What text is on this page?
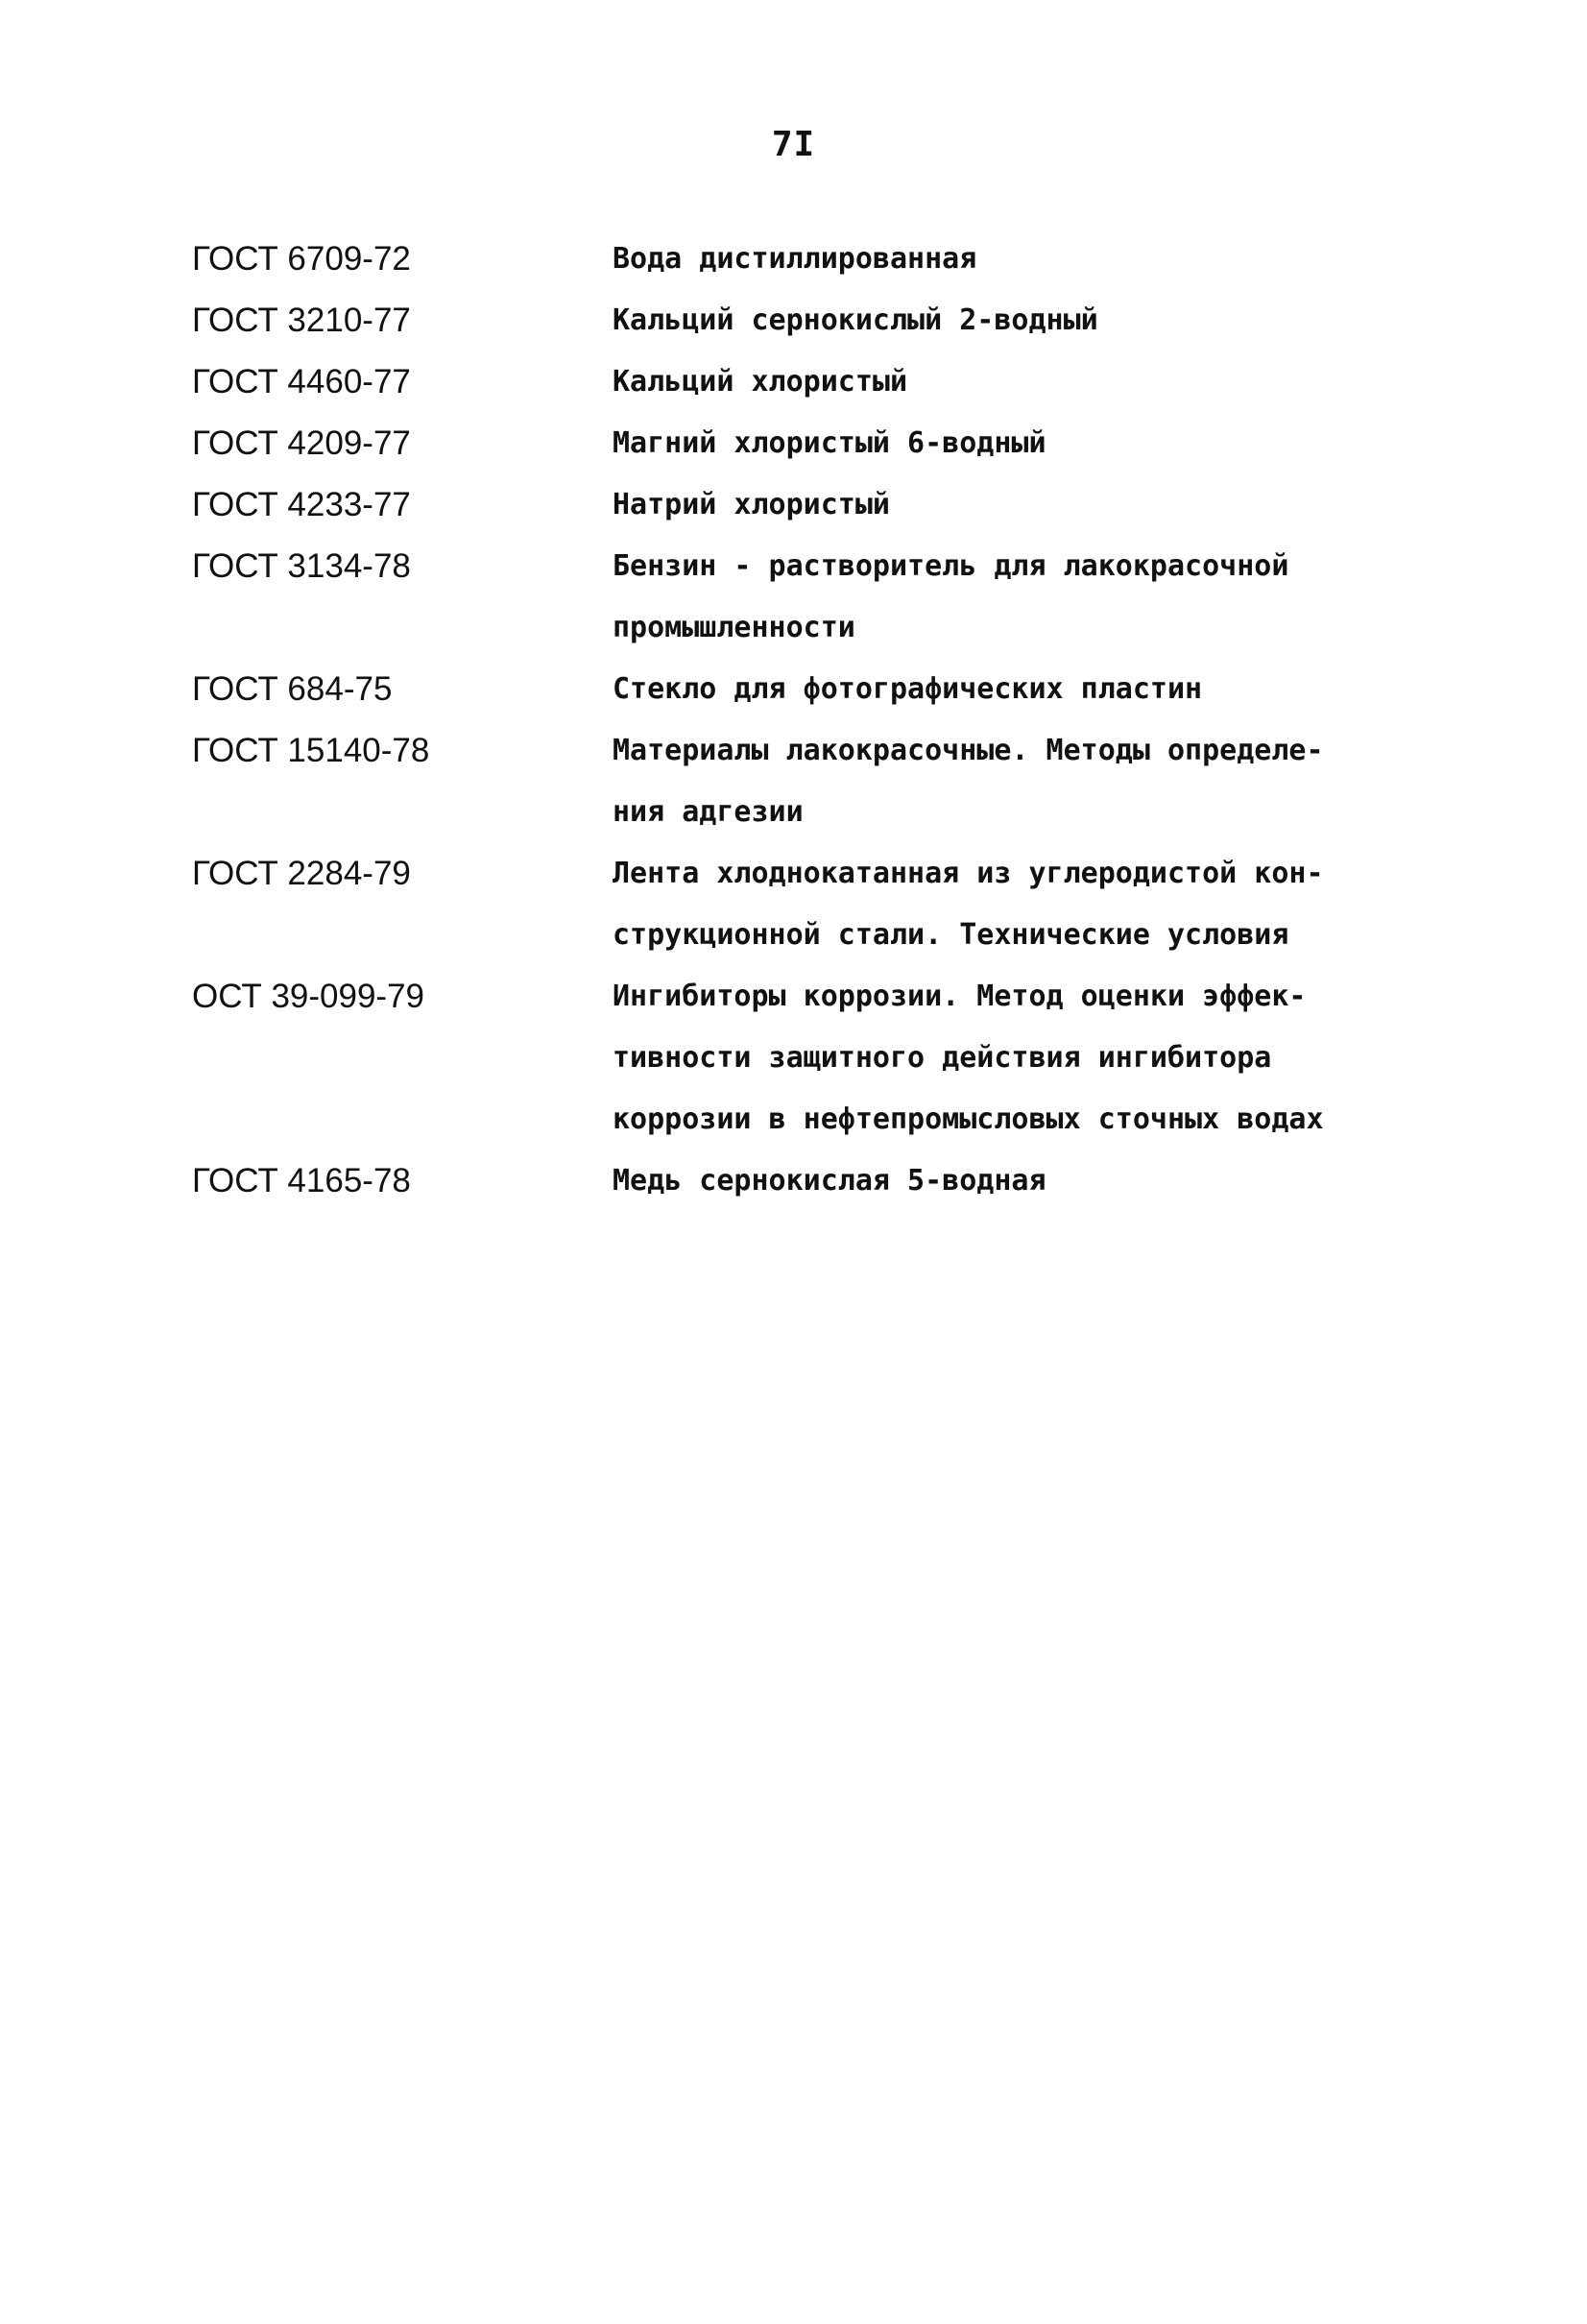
7I
ГОСТ 6709-72	Вода дистиллированная
ГОСТ 3210-77	Кальций сернокислый 2-водный
ГОСТ 4460-77	Кальций хлористый
ГОСТ 4209-77	Магний хлористый 6-водный
ГОСТ 4233-77	Натрий хлористый
ГОСТ 3134-78	Бензин - растворитель для лакокрасочной
промышленности
ГОСТ 684-75	Стекло для фотографических пластин
ГОСТ 15140-78	Материалы лакокрасочные. Методы определе-
ния адгезии
ГОСТ 2284-79	Лента хлоднокатанная из углеродистой кон-
струкционной стали. Технические условия
ОСТ 39-099-79	Ингибиторы коррозии. Метод оценки эффек-
тивности защитного действия ингибитора
коррозии в нефтепромысловых сточных водах
ГОСТ 4165-78	Медь сернокислая 5-водная
